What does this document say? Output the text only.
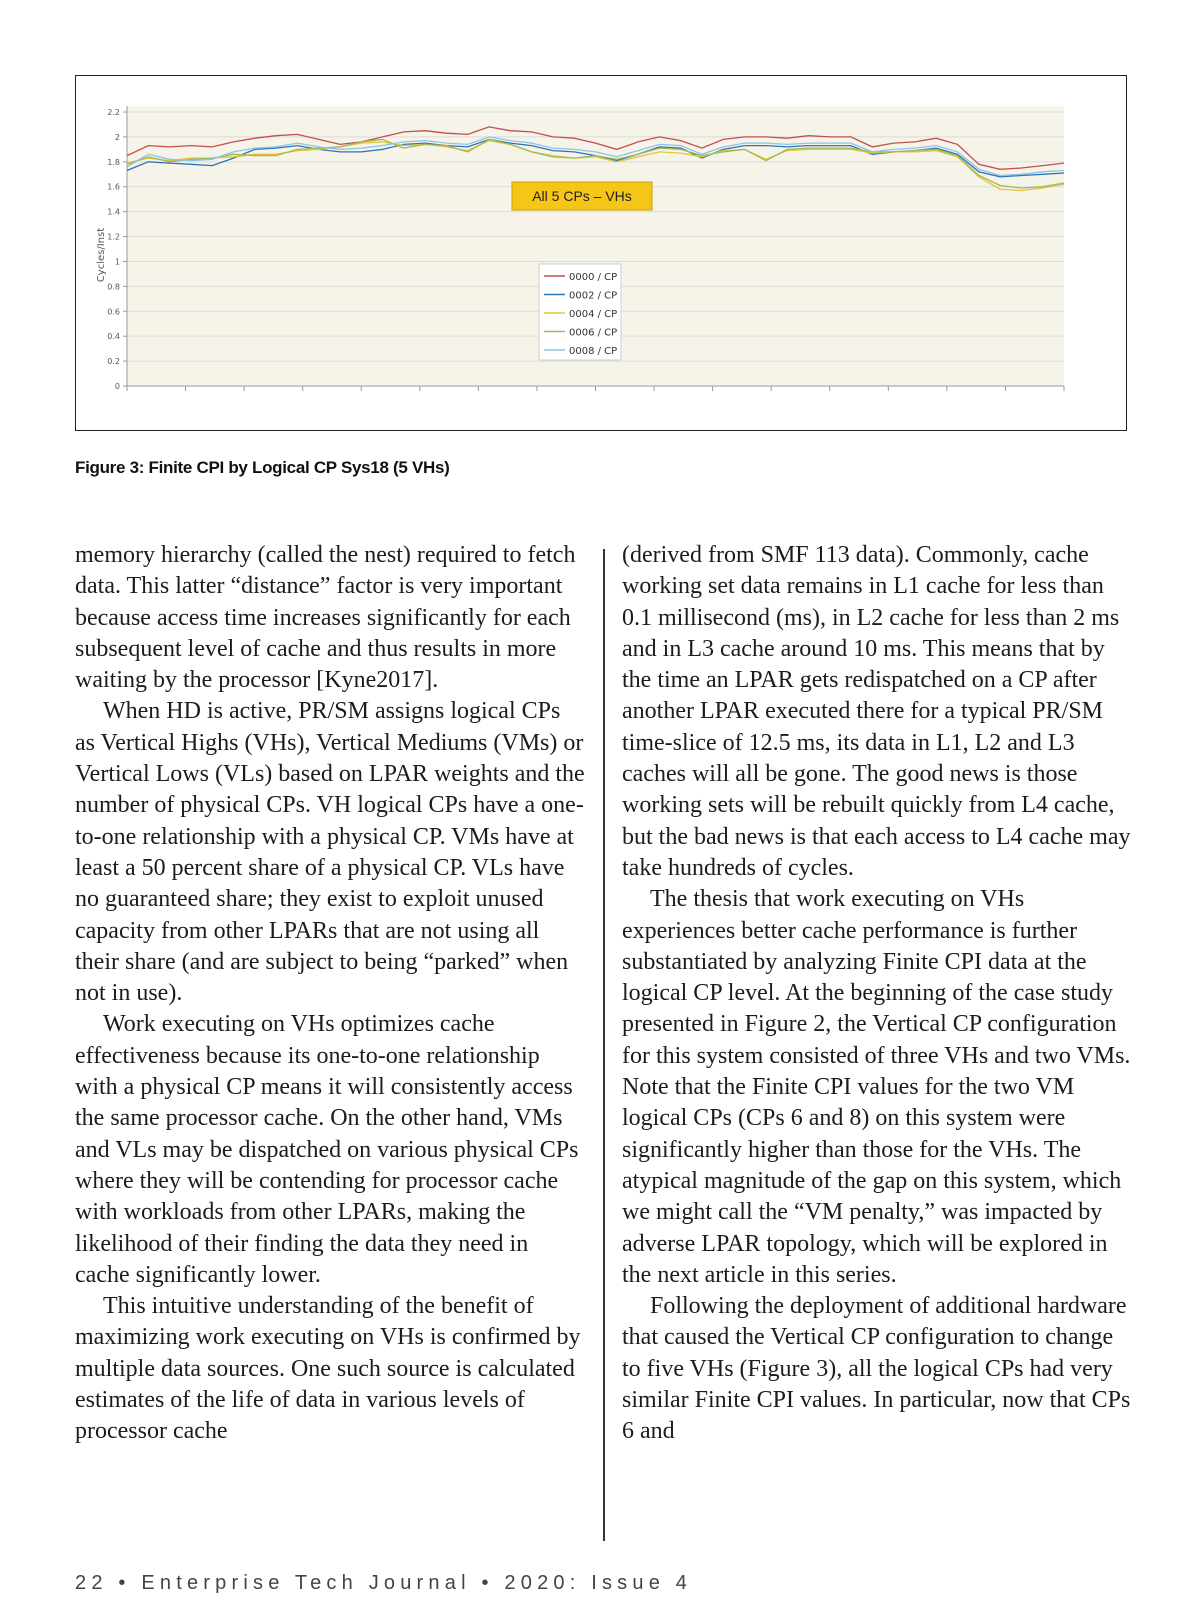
0
0.2
0.4
0.6
0.8
1
1.2
1.4
1.6
1.8
2
2.2
Cycles/Inst
All 5 CPs – VHs
0000 / CP
0002 / CP
0004 / CP
0006 / CP
0008 / CP
Figure 3: Finite CPI by Logical CP Sys18 (5 VHs)

memory hierarchy (called the nest) required to fetch data. This latter “distance” factor is very important because access time increases significantly for each subsequent level of cache and thus results in more waiting by the processor [Kyne2017].

When HD is active, PR/SM assigns logical CPs as Vertical Highs (VHs), Vertical Mediums (VMs) or Vertical Lows (VLs) based on LPAR weights and the number of physical CPs. VH logical CPs have a one-to-one relationship with a physical CP. VMs have at least a 50 percent share of a physical CP. VLs have no guaranteed share; they exist to exploit unused capacity from other LPARs that are not using all their share (and are subject to being “parked” when not in use).

Work executing on VHs optimizes cache effectiveness because its one-to-one relationship with a physical CP means it will consistently access the same processor cache. On the other hand, VMs and VLs may be dispatched on various physical CPs where they will be contending for processor cache with workloads from other LPARs, making the likelihood of their finding the data they need in cache significantly lower.

This intuitive understanding of the benefit of maximizing work executing on VHs is confirmed by multiple data sources. One such source is calculated estimates of the life of data in various levels of processor cache

(derived from SMF 113 data). Commonly, cache working set data remains in L1 cache for less than 0.1 millisecond (ms), in L2 cache for less than 2 ms and in L3 cache around 10 ms. This means that by the time an LPAR gets redispatched on a CP after another LPAR executed there for a typical PR/SM time-slice of 12.5 ms, its data in L1, L2 and L3 caches will all be gone. The good news is those working sets will be rebuilt quickly from L4 cache, but the bad news is that each access to L4 cache may take hundreds of cycles.

The thesis that work executing on VHs experiences better cache performance is further substantiated by analyzing Finite CPI data at the logical CP level. At the beginning of the case study presented in Figure 2, the Vertical CP configuration for this system consisted of three VHs and two VMs. Note that the Finite CPI values for the two VM logical CPs (CPs 6 and 8) on this system were significantly higher than those for the VHs. The atypical magnitude of the gap on this system, which we might call the “VM penalty,” was impacted by adverse LPAR topology, which will be explored in the next article in this series.

Following the deployment of additional hardware that caused the Vertical CP configuration to change to five VHs (Figure 3), all the logical CPs had very similar Finite CPI values. In particular, now that CPs 6 and

22 • Enterprise Tech Journal • 2020: Issue 4
